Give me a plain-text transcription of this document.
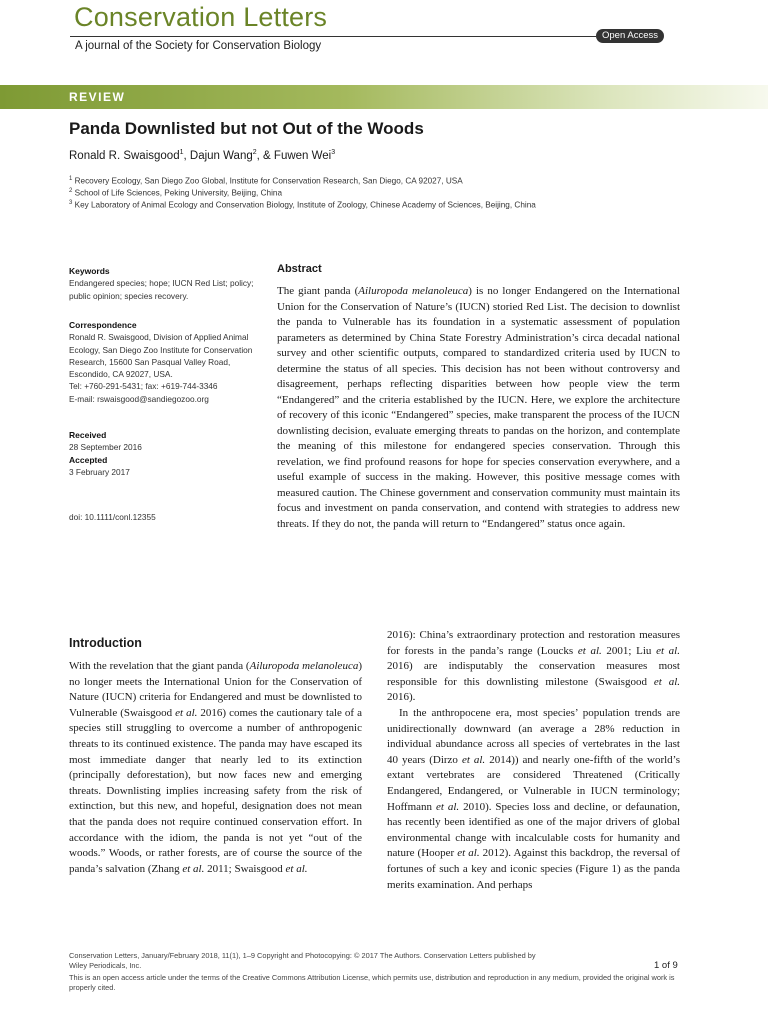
Conservation Letters
A journal of the Society for Conservation Biology
Open Access
REVIEW
Panda Downlisted but not Out of the Woods
Ronald R. Swaisgood$^1$, Dajun Wang$^2$, & Fuwen Wei$^3$
$^1$ Recovery Ecology, San Diego Zoo Global, Institute for Conservation Research, San Diego, CA 92027, USA
$^2$ School of Life Sciences, Peking University, Beijing, China
$^3$ Key Laboratory of Animal Ecology and Conservation Biology, Institute of Zoology, Chinese Academy of Sciences, Beijing, China
Keywords
Endangered species; hope; IUCN Red List; policy; public opinion; species recovery.
Correspondence
Ronald R. Swaisgood, Division of Applied Animal Ecology, San Diego Zoo Institute for Conservation Research, 15600 San Pasqual Valley Road, Escondido, CA 92027, USA.
Tel: +760-291-5431; fax: +619-744-3346
E-mail: rswaisgood@sandiegozoo.org
Received
28 September 2016
Accepted
3 February 2017
doi: 10.1111/conl.12355
Abstract

The giant panda (Ailuropoda melanoleuca) is no longer Endangered on the International Union for the Conservation of Nature’s (IUCN) storied Red List. The decision to downlist the panda to Vulnerable has its foundation in a systematic assessment of population parameters as determined by China State Forestry Administration’s circa decadal national survey and other scientific outputs, compared to standardized criteria used by IUCN to determine the status of all species. This decision has not been without controversy and disagreement, perhaps reflecting disparities between how people view the term “Endangered” and the criteria established by the IUCN. Here, we explore the architecture of recovery of this iconic “Endangered” species, make transparent the process of the IUCN downlisting decision, evaluate emerging threats to pandas on the horizon, and contemplate the meaning of this milestone for endangered species conservation. Through this revelation, we find profound reasons for hope for species conservation everywhere, and a useful example of success in the making. However, this positive message comes with measured caution. The Chinese government and conservation community must maintain its focus and investment on panda conservation, and contend with strategies to address new threats. If they do not, the panda will return to “Endangered” status once again.

Introduction

With the revelation that the giant panda (Ailuropoda melanoleuca) no longer meets the International Union for the Conservation of Nature (IUCN) criteria for Endangered and must be downlisted to Vulnerable (Swaisgood et al. 2016) comes the cautionary tale of a species still struggling to overcome a number of anthropogenic threats to its continued existence. The panda may have escaped its most immediate danger that nearly led to its extinction (principally deforestation), but now faces new and emerging threats. Downlisting implies increasing safety from the risk of extinction, but this new, and hopeful, designation does not mean that the panda does not require continued conservation effort. In accordance with the idiom, the panda is not yet “out of the woods.” Woods, or rather forests, are of course the source of the panda’s salvation (Zhang et al. 2011; Swaisgood et al.

2016): China’s extraordinary protection and restoration measures for forests in the panda’s range (Loucks et al. 2001; Liu et al. 2016) are indisputably the conservation measures most responsible for this downlisting milestone (Swaisgood et al. 2016).

In the anthropocene era, most species’ population trends are unidirectionally downward (an average a 28% reduction in individual abundance across all species of vertebrates in the last 40 years (Dirzo et al. 2014)) and nearly one-fifth of the world’s extant vertebrates are considered Threatened (Critically Endangered, Endangered, or Vulnerable in IUCN terminology; Hoffmann et al. 2010). Species loss and decline, or defaunation, has recently been identified as one of the major drivers of global environmental change with incalculable costs for humanity and nature (Hooper et al. 2012). Against this backdrop, the reversal of fortunes of such a key and iconic species (Figure 1) as the panda merits examination. And perhaps

Conservation Letters, January/February 2018, 11(1), 1–9 Copyright and Photocopying: © 2017 The Authors. Conservation Letters published by
Wiley Periodicals, Inc.	1 of 9
This is an open access article under the terms of the Creative Commons Attribution License, which permits use, distribution and reproduction in any medium, provided the original work is properly cited.
